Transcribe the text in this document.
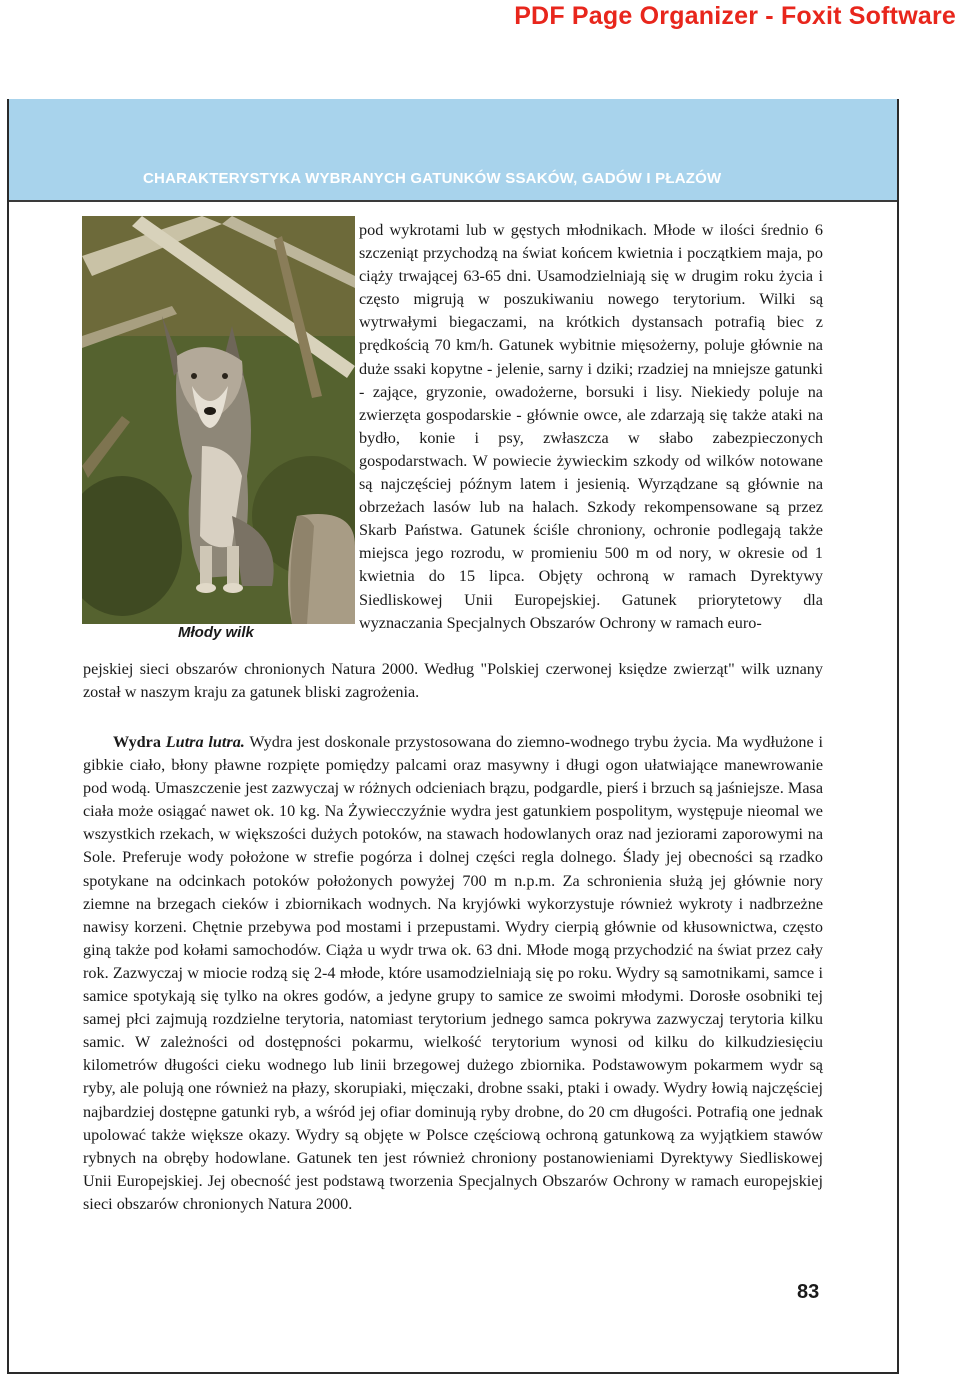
PDF Page Organizer - Foxit Software
CHARAKTERYSTYKA WYBRANYCH GATUNKÓW SSAKÓW, GADÓW I PŁAZÓW
Młody wilk
pod wykrotami lub w gęstych młodnikach. Młode w ilości średnio 6 szczeniąt przychodzą na świat końcem kwietnia i początkiem maja, po ciąży trwającej 63-65 dni. Usamodzielniają się w drugim roku życia i często migrują w poszukiwaniu nowego terytorium. Wilki są wytrwałymi biegaczami, na krótkich dystansach potrafią biec z prędkością 70 km/h. Gatunek wybitnie mięsożerny, poluje głównie na duże ssaki kopytne - jelenie, sarny i dziki; rzadziej na mniejsze gatunki - zające, gryzonie, owadożerne, borsuki i lisy. Niekiedy poluje na zwierzęta gospodarskie - głównie owce, ale zdarzają się także ataki na bydło, konie i psy, zwłaszcza w słabo zabezpieczonych gospodarstwach. W powiecie żywieckim szkody od wilków notowane są najczęściej późnym latem i jesienią. Wyrządzane są głównie na obrzeżach lasów lub na halach. Szkody rekompensowane są przez Skarb Państwa. Gatunek ściśle chroniony, ochronie podlegają także miejsca jego rozrodu, w promieniu 500 m od nory, w okresie od 1 kwietnia do 15 lipca. Objęty ochroną w ramach Dyrektywy Siedliskowej Unii Europejskiej. Gatunek priorytetowy dla wyznaczania Specjalnych Obszarów Ochrony w ramach euro-
pejskiej sieci obszarów chronionych Natura 2000. Według "Polskiej czerwonej księdze zwierząt" wilk uznany został w naszym kraju za gatunek bliski zagrożenia.
Wydra Lutra lutra. Wydra jest doskonale przystosowana do ziemno-wodnego trybu życia. Ma wydłużone i gibkie ciało, błony pławne rozpięte pomiędzy palcami oraz masywny i długi ogon ułatwiające manewrowanie pod wodą. Umaszczenie jest zazwyczaj w różnych odcieniach brązu, podgardle, pierś i brzuch są jaśniejsze. Masa ciała może osiągać nawet ok. 10 kg. Na Żywiecczyźnie wydra jest gatunkiem pospolitym, występuje nieomal we wszystkich rzekach, w większości dużych potoków, na stawach hodowlanych oraz nad jeziorami zaporowymi na Sole. Preferuje wody położone w strefie pogórza i dolnej części regla dolnego. Ślady jej obecności są rzadko spotykane na odcinkach potoków położonych powyżej 700 m n.p.m. Za schronienia służą jej głównie nory ziemne na brzegach cieków i zbiornikach wodnych. Na kryjówki wykorzystuje również wykroty i nadbrzeżne nawisy korzeni. Chętnie przebywa pod mostami i przepustami. Wydry cierpią głównie od kłusownictwa, często giną także pod kołami samochodów. Ciąża u wydr trwa ok. 63 dni. Młode mogą przychodzić na świat przez cały rok. Zazwyczaj w miocie rodzą się 2-4 młode, które usamodzielniają się po roku. Wydry są samotnikami, samce i samice spotykają się tylko na okres godów, a jedyne grupy to samice ze swoimi młodymi. Dorosłe osobniki tej samej płci zajmują rozdzielne terytoria, natomiast terytorium jednego samca pokrywa zazwyczaj terytoria kilku samic. W zależności od dostępności pokarmu, wielkość terytorium wynosi od kilku do kilkudziesięciu kilometrów długości cieku wodnego lub linii brzegowej dużego zbiornika. Podstawowym pokarmem wydr są ryby, ale polują one również na płazy, skorupiaki, mięczaki, drobne ssaki, ptaki i owady. Wydry łowią najczęściej najbardziej dostępne gatunki ryb, a wśród jej ofiar dominują ryby drobne, do 20 cm długości. Potrafią one jednak upolować także większe okazy. Wydry są objęte w Polsce częściową ochroną gatunkową za wyjątkiem stawów rybnych na obręby hodowlane. Gatunek ten jest również chroniony postanowieniami Dyrektywy Siedliskowej Unii Europejskiej. Jej obecność jest podstawą tworzenia Specjalnych Obszarów Ochrony w ramach europejskiej sieci obszarów chronionych Natura 2000.
83
